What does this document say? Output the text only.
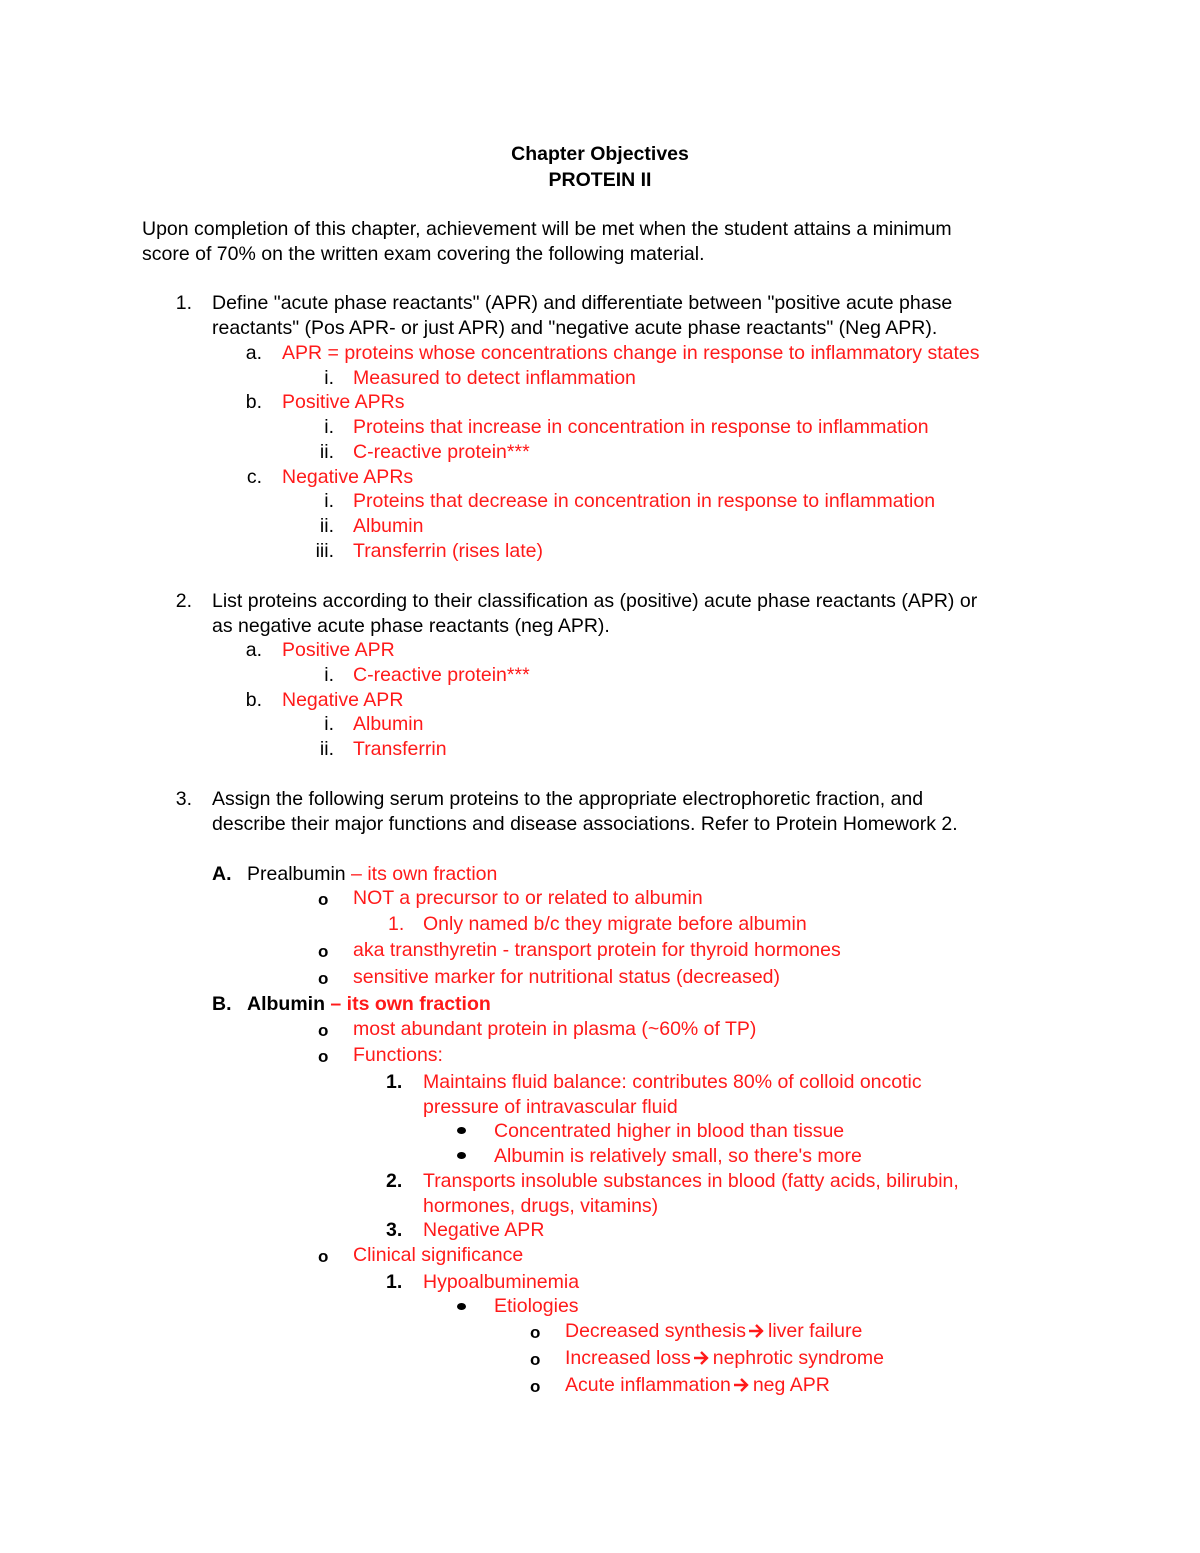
Chapter Objectives
PROTEIN II
Upon completion of this chapter, achievement will be met when the student attains a minimum
score of 70% on the written exam covering the following material.
1. Define "acute phase reactants" (APR) and differentiate between "positive acute phase
reactants" (Pos APR- or just APR) and "negative acute phase reactants" (Neg APR).
a. APR = proteins whose concentrations change in response to inflammatory states
i. Measured to detect inflammation
b. Positive APRs
i. Proteins that increase in concentration in response to inflammation
ii. C-reactive protein***
c. Negative APRs
i. Proteins that decrease in concentration in response to inflammation
ii. Albumin
iii. Transferrin (rises late)
2. List proteins according to their classification as (positive) acute phase reactants (APR) or
as negative acute phase reactants (neg APR).
a. Positive APR
i. C-reactive protein***
b. Negative APR
i. Albumin
ii. Transferrin
3. Assign the following serum proteins to the appropriate electrophoretic fraction, and
describe their major functions and disease associations. Refer to Protein Homework 2.
A. Prealbumin – its own fraction
o NOT a precursor to or related to albumin
1. Only named b/c they migrate before albumin
o aka transthyretin - transport protein for thyroid hormones
o sensitive marker for nutritional status (decreased)
B. Albumin – its own fraction
o most abundant protein in plasma (~60% of TP)
o Functions:
1. Maintains fluid balance: contributes 80% of colloid oncotic
pressure of intravascular fluid
Concentrated higher in blood than tissue
Albumin is relatively small, so there's more
2. Transports insoluble substances in blood (fatty acids, bilirubin,
hormones, drugs, vitamins)
3. Negative APR
o Clinical significance
1. Hypoalbuminemia
Etiologies
o Decreased synthesis liver failure
o Increased loss nephrotic syndrome
o Acute inflammation neg APR
